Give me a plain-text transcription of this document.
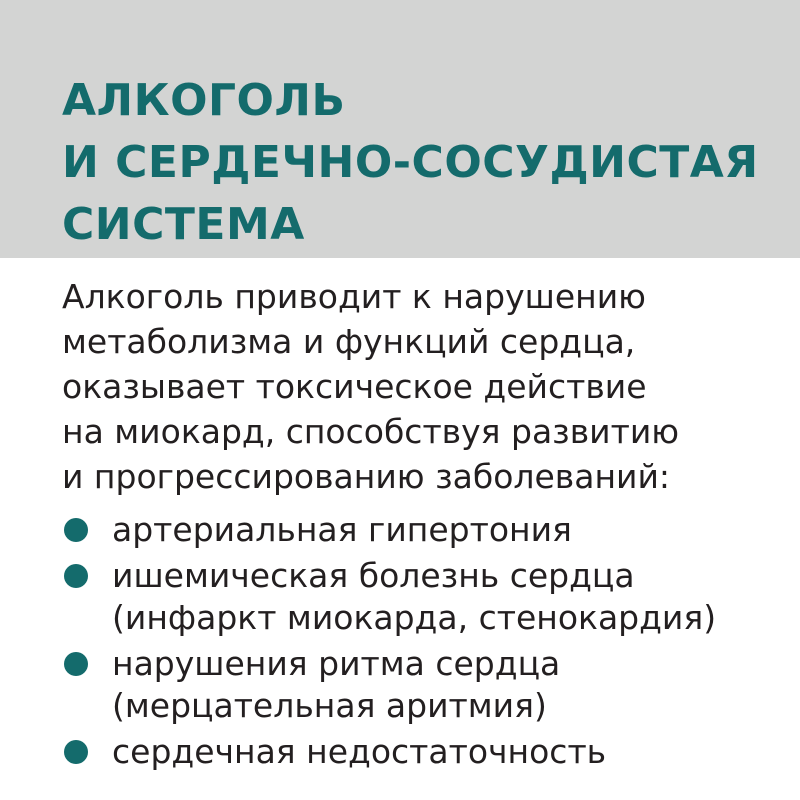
АЛКОГОЛЬ
И СЕРДЕЧНО-СОСУДИСТАЯ
СИСТЕМА

Алкоголь приводит к нарушению
метаболизма и функций сердца,
оказывает токсическое действие
на миокард, способствуя развитию
и прогрессированию заболеваний:

артериальная гипертония
ишемическая болезнь сердца
(инфаркт миокарда, стенокардия)
нарушения ритма сердца
(мерцательная аритмия)
сердечная недостаточность
